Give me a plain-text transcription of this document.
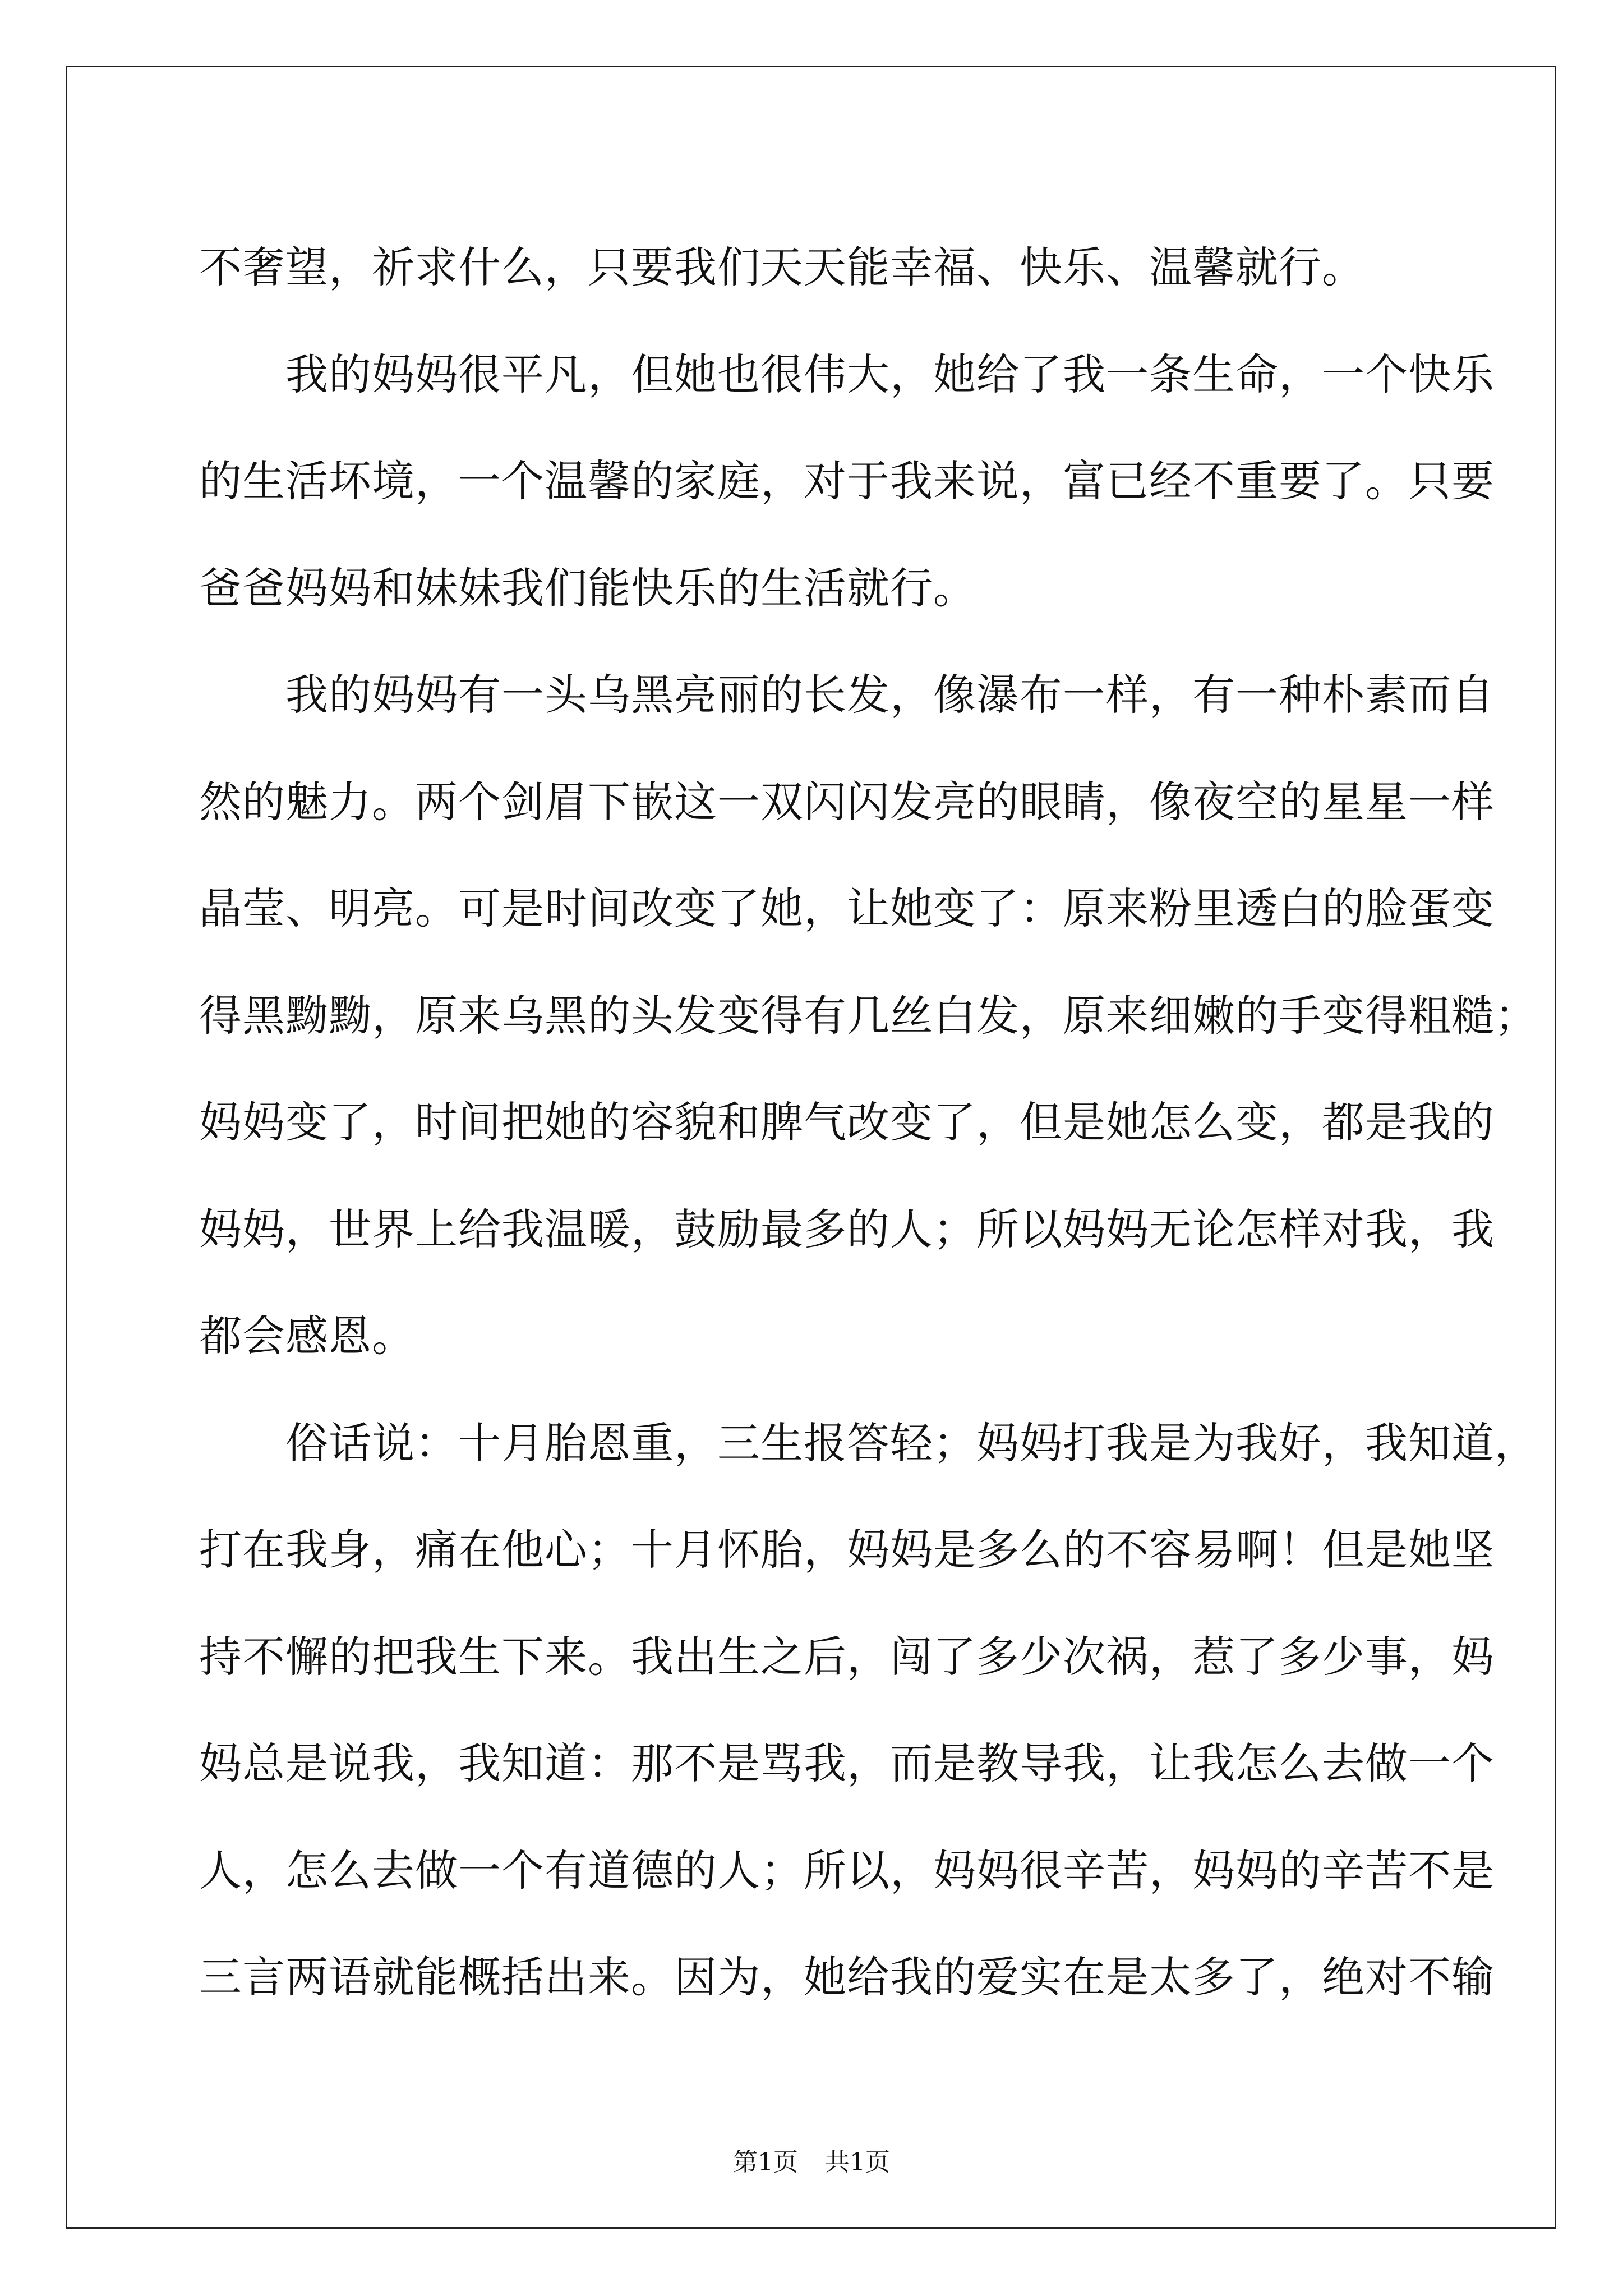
不奢望，祈求什么，只要我们天天能幸福、快乐、温馨就行。
　　我的妈妈很平凡，但她也很伟大，她给了我一条生命，一个快乐
的生活坏境，一个温馨的家庭，对于我来说，富已经不重要了。只要
爸爸妈妈和妹妹我们能快乐的生活就行。
　　我的妈妈有一头乌黑亮丽的长发，像瀑布一样，有一种朴素而自
然的魅力。两个剑眉下嵌这一双闪闪发亮的眼睛，像夜空的星星一样
晶莹、明亮。可是时间改变了她，让她变了：原来粉里透白的脸蛋变
得黑黝黝，原来乌黑的头发变得有几丝白发，原来细嫩的手变得粗糙；
妈妈变了，时间把她的容貌和脾气改变了，但是她怎么变，都是我的
妈妈，世界上给我温暖，鼓励最多的人；所以妈妈无论怎样对我，我
都会感恩。
　　俗话说：十月胎恩重，三生报答轻；妈妈打我是为我好，我知道，
打在我身，痛在他心；十月怀胎，妈妈是多么的不容易啊！但是她坚
持不懈的把我生下来。我出生之后，闯了多少次祸，惹了多少事，妈
妈总是说我，我知道：那不是骂我，而是教导我，让我怎么去做一个
人，怎么去做一个有道德的人；所以，妈妈很辛苦，妈妈的辛苦不是
三言两语就能概括出来。因为，她给我的爱实在是太多了，绝对不输
第1页 共1页
